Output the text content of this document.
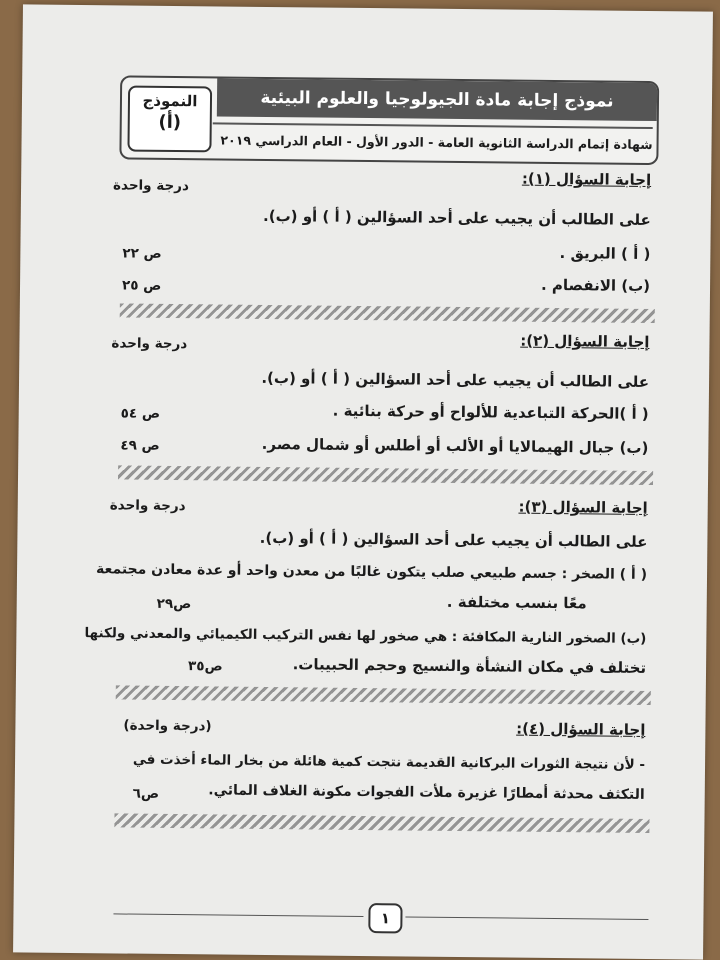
نموذج إجابة مادة الجيولوجيا والعلوم البيئية
شهادة إتمام الدراسة الثانوية العامة - الدور الأول - العام الدراسي ٢٠١٩
النموذج
(أ)
إجابة السؤال (١):
درجة واحدة
على الطالب أن يجيب على أحد السؤالين ( أ ) أو (ب).
( أ ) البريق .
ص ٢٢
(ب) الانفصام .
ص ٢٥
إجابة السؤال (٢):
درجة واحدة
على الطالب أن يجيب على أحد السؤالين ( أ ) أو (ب).
( أ )الحركة التباعدية للألواح أو حركة بنائية .
ص ٥٤
(ب) جبال الهيمالايا أو الألب أو أطلس أو شمال مصر.
ص ٤٩
إجابة السؤال (٣):
درجة واحدة
على الطالب أن يجيب على أحد السؤالين ( أ ) أو (ب).
( أ ) الصخر : جسم طبيعي صلب يتكون غالبًا من معدن واحد أو عدة معادن مجتمعة
معًا بنسب مختلفة .
ص٢٩
(ب) الصخور النارية المكافئة : هي صخور لها نفس التركيب الكيميائي والمعدني ولكنها
تختلف في مكان النشأة والنسيج وحجم الحبيبات.
ص٣٥
إجابة السؤال (٤):
(درجة واحدة)
- لأن نتيجة الثورات البركانية القديمة نتجت كمية هائلة من بخار الماء أخذت في
التكثف محدثة أمطارًا غزيرة ملأت الفجوات مكونة الغلاف المائي.
ص٦
١
